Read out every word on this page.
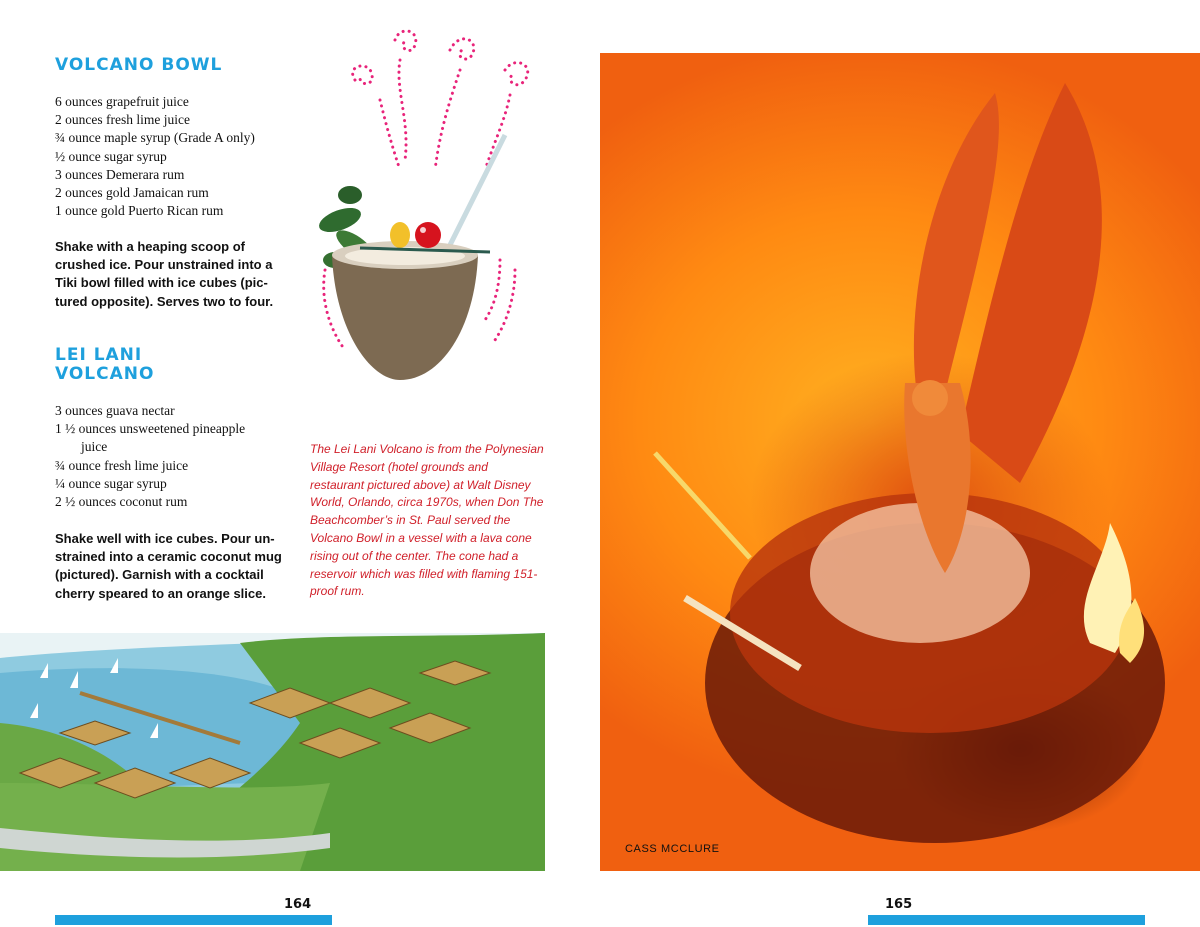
VOLCANO BOWL
6 ounces grapefruit juice
2 ounces fresh lime juice
¾ ounce maple syrup (Grade A only)
½ ounce sugar syrup
3 ounces Demerara rum
2 ounces gold Jamaican rum
1 ounce gold Puerto Rican rum

Shake with a heaping scoop of crushed ice. Pour unstrained into a Tiki bowl filled with ice cubes (pictured opposite). Serves two to four.

LEI LANI
VOLCANO
3 ounces guava nectar
1 ½ ounces unsweetened pineapple
juice
¾ ounce fresh lime juice
¼ ounce sugar syrup
2 ½ ounces coconut rum

Shake well with ice cubes. Pour unstrained into a ceramic coconut mug (pictured). Garnish with a cocktail cherry speared to an orange slice.

The Lei Lani Volcano is from the Polynesian Village Resort (hotel grounds and restaurant pictured above) at Walt Disney World, Orlando, circa 1970s, when Don The Beachcomber’s in St. Paul served the Volcano Bowl in a vessel with a lava cone rising out of the center. The cone had a reservoir which was filled with flaming 151-proof rum.

164

CASS MCCLURE

165
